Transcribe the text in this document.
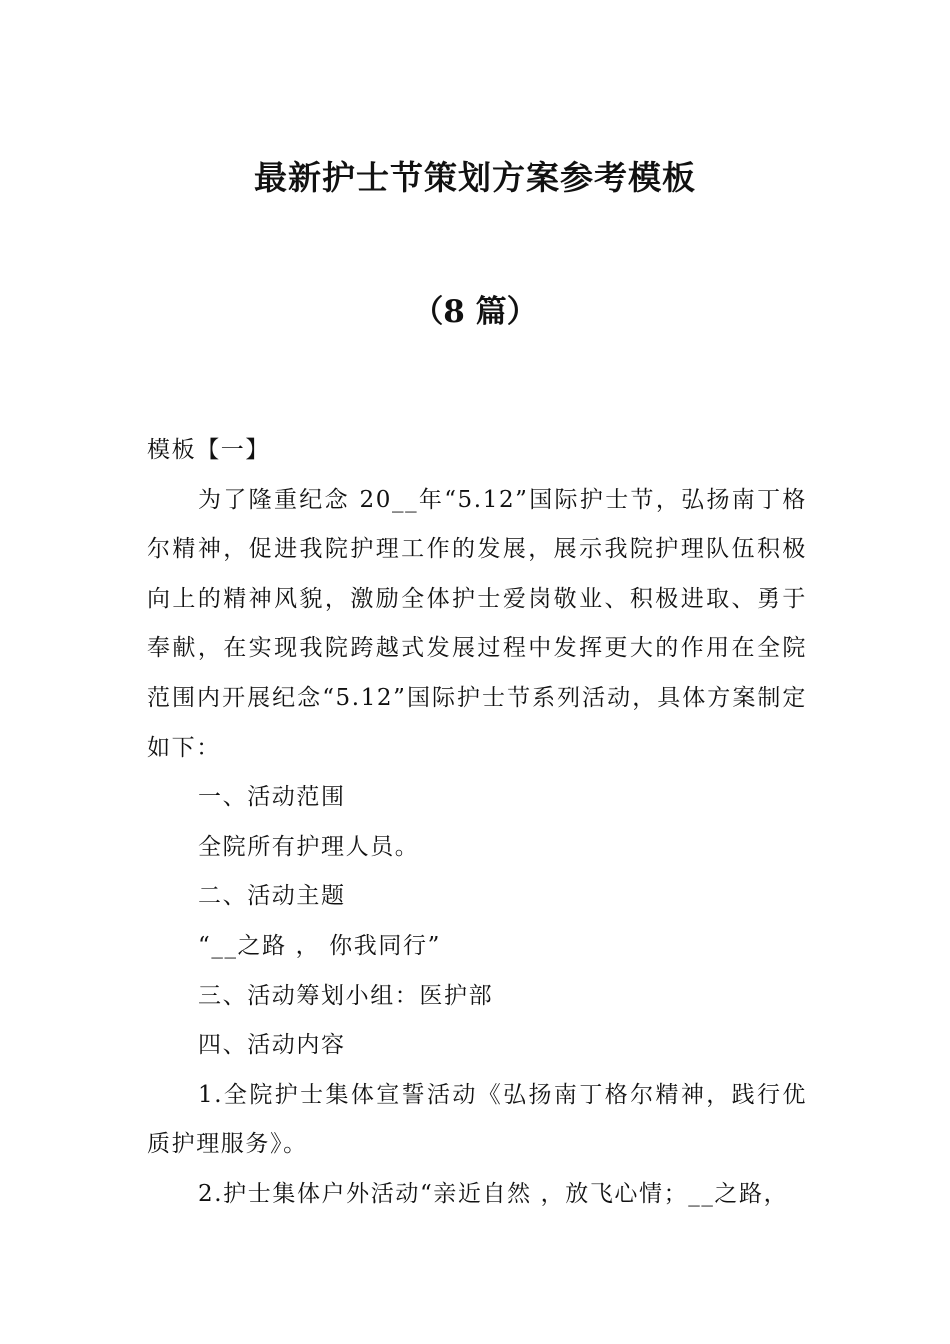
最新护士节策划方案参考模板
（8 篇）

模板【一】

为了隆重纪念 20__年“5.12”国际护士节，弘扬南丁格尔精神，促进我院护理工作的发展，展示我院护理队伍积极向上的精神风貌，激励全体护士爱岗敬业、积极进取、勇于奉献，在实现我院跨越式发展过程中发挥更大的作用在全院范围内开展纪念“5.12”国际护士节系列活动，具体方案制定如下：

一、活动范围

全院所有护理人员。

二、活动主题

“__之路 ， 你我同行”

三、活动筹划小组：医护部

四、活动内容

1.全院护士集体宣誓活动《弘扬南丁格尔精神，践行优质护理服务》。

2.护士集体户外活动“亲近自然 ，放飞心情；__之路，
